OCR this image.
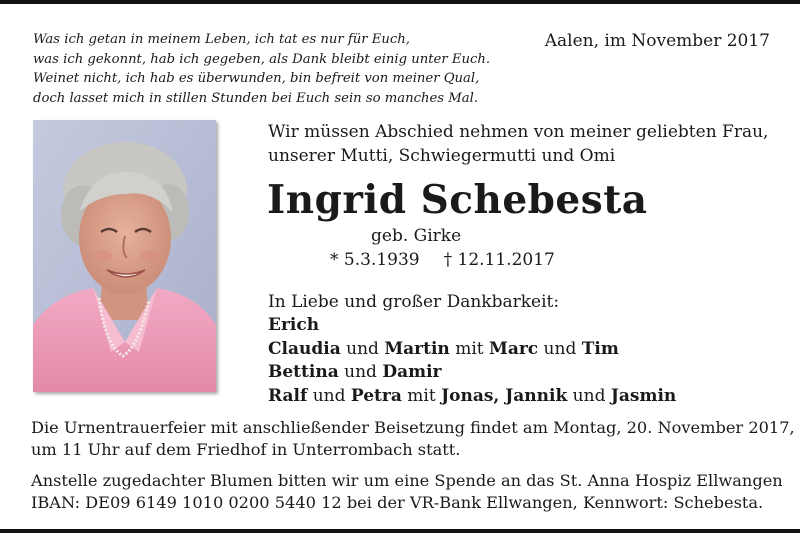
Was ich getan in meinem Leben, ich tat es nur für Euch,
was ich gekonnt, hab ich gegeben, als Dank bleibt einig unter Euch.
Weinet nicht, ich hab es überwunden, bin befreit von meiner Qual,
doch lasset mich in stillen Stunden bei Euch sein so manches Mal.
Aalen, im November 2017
Wir müssen Abschied nehmen von meiner geliebten Frau,
unserer Mutti, Schwiegermutti und Omi
Ingrid Schebesta
geb. Girke
* 5.3.1939 † 12.11.2017
In Liebe und großer Dankbarkeit:
Erich
Claudia und Martin mit Marc und Tim
Bettina und Damir
Ralf und Petra mit Jonas, Jannik und Jasmin
Die Urnentrauerfeier mit anschließender Beisetzung findet am Montag, 20. November 2017,
um 11 Uhr auf dem Friedhof in Unterrombach statt.
Anstelle zugedachter Blumen bitten wir um eine Spende an das St. Anna Hospiz Ellwangen
IBAN: DE09 6149 1010 0200 5440 12 bei der VR-Bank Ellwangen, Kennwort: Schebesta.
